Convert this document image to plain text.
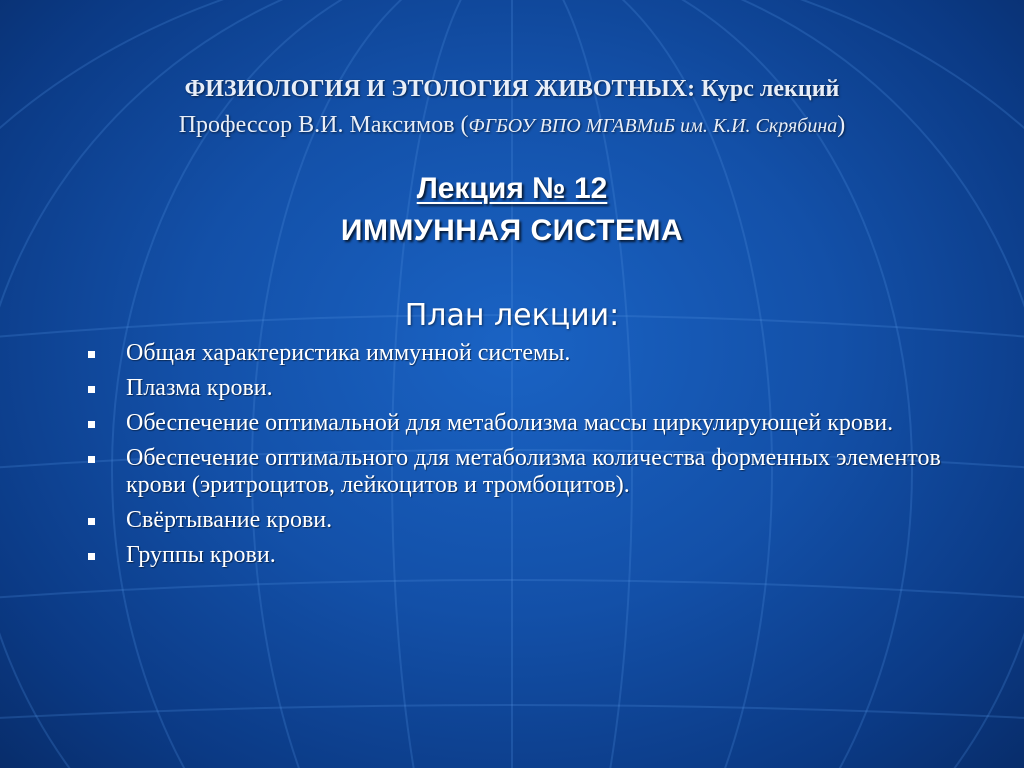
ФИЗИОЛОГИЯ И ЭТОЛОГИЯ ЖИВОТНЫХ: Курс лекций
Профессор В.И. Максимов (ФГБОУ ВПО МГАВМиБ им. К.И. Скрябина)
Лекция № 12
ИММУННАЯ СИСТЕМА
План лекции:
Общая характеристика иммунной системы.
Плазма крови.
Обеспечение оптимальной для метаболизма массы циркулирующей крови.
Обеспечение оптимального для метаболизма количества форменных элементов крови (эритроцитов, лейкоцитов и тромбоцитов).
Свёртывание крови.
Группы крови.
